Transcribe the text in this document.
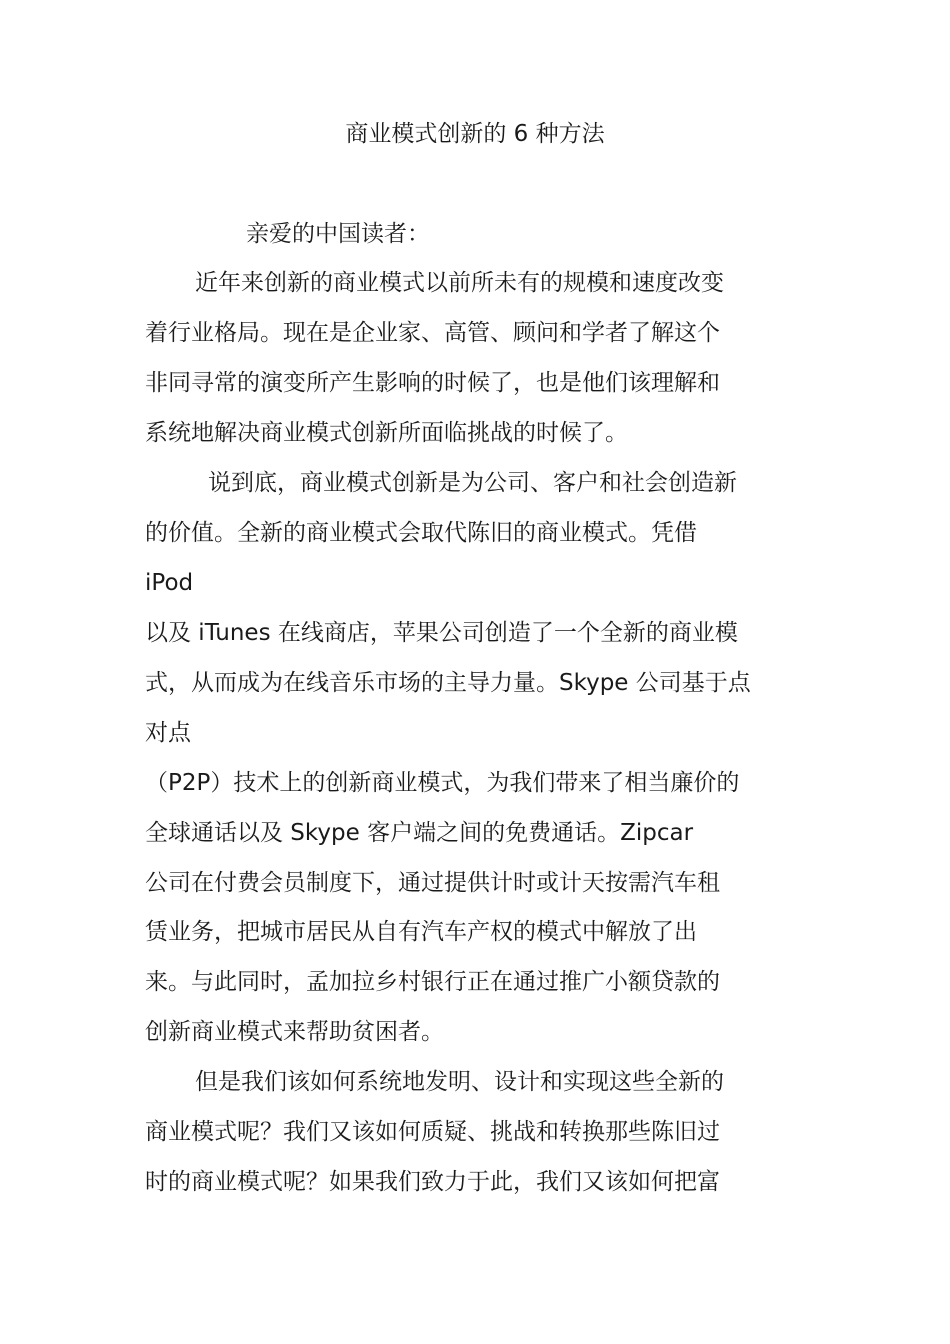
商业模式创新的 6 种方法
亲爱的中国读者：
近年来创新的商业模式以前所未有的规模和速度改变
着行业格局。现在是企业家、高管、顾问和学者了解这个
非同寻常的演变所产生影响的时候了，也是他们该理解和
系统地解决商业模式创新所面临挑战的时候了。
说到底，商业模式创新是为公司、客户和社会创造新
的价值。全新的商业模式会取代陈旧的商业模式。凭借
iPod
以及 iTunes 在线商店，苹果公司创造了一个全新的商业模
式，从而成为在线音乐市场的主导力量。Skype 公司基于点
对点
（P2P）技术上的创新商业模式，为我们带来了相当廉价的
全球通话以及 Skype 客户端之间的免费通话。Zipcar
公司在付费会员制度下，通过提供计时或计天按需汽车租
赁业务，把城市居民从自有汽车产权的模式中解放了出
来。与此同时，孟加拉乡村银行正在通过推广小额贷款的
创新商业模式来帮助贫困者。
但是我们该如何系统地发明、设计和实现这些全新的
商业模式呢？我们又该如何质疑、挑战和转换那些陈旧过
时的商业模式呢？如果我们致力于此，我们又该如何把富
